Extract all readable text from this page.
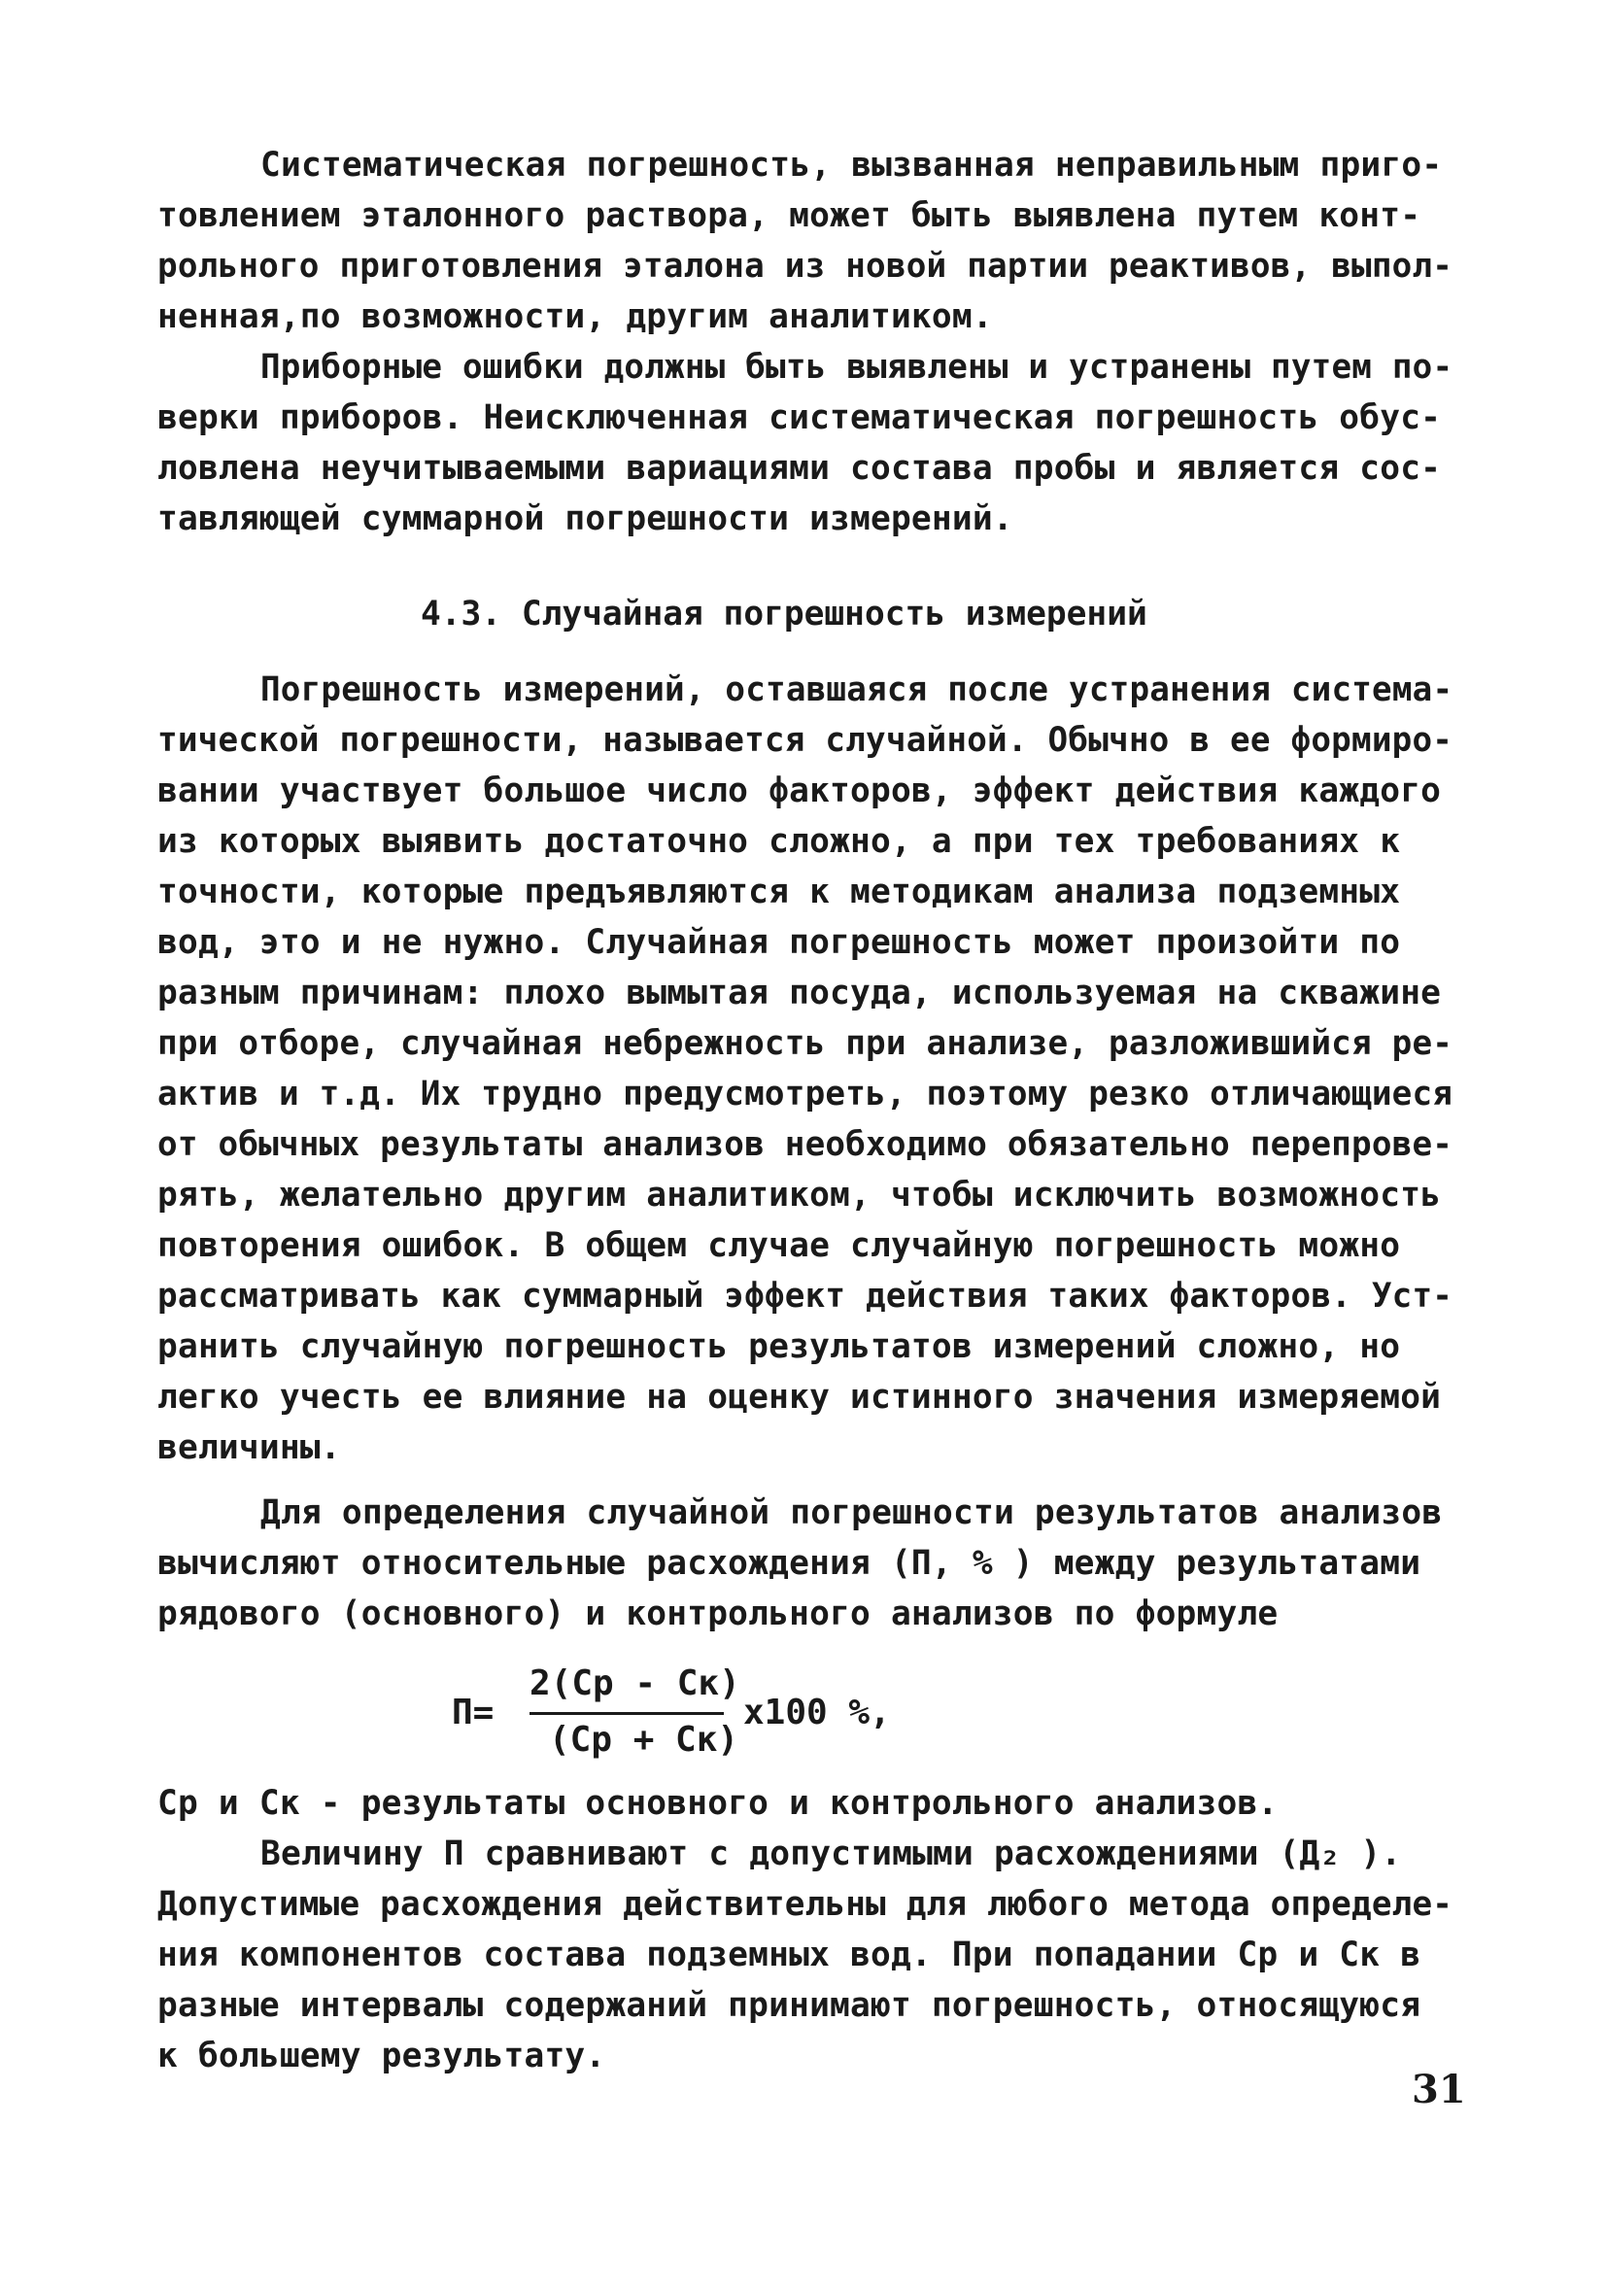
Систематическая погрешность, вызванная неправильным приго-
товлением эталонного раствора, может быть выявлена путем конт-
рольного приготовления эталона из новой партии реактивов, выпол-
ненная,по возможности, другим аналитиком.
Приборные ошибки должны быть выявлены и устранены путем по-
верки приборов. Неисключенная систематическая погрешность обус-
ловлена неучитываемыми вариациями состава пробы и является сос-
тавляющей суммарной погрешности измерений.
4.3. Случайная погрешность измерений
Погрешность измерений, оставшаяся после устранения система-
тической погрешности, называется случайной. Обычно в ее формиро-
вании участвует большое число факторов, эффект действия каждого
из которых выявить достаточно сложно, а при тех требованиях к
точности, которые предъявляются к методикам анализа подземных
вод, это и не нужно. Случайная погрешность может произойти по
разным причинам: плохо вымытая посуда, используемая на скважине
при отборе, случайная небрежность при анализе, разложившийся ре-
актив и т.д. Их трудно предусмотреть, поэтому резко отличающиеся
от обычных результаты анализов необходимо обязательно перепрове-
рять, желательно другим аналитиком, чтобы исключить возможность
повторения ошибок. В общем случае случайную погрешность можно
рассматривать как суммарный эффект действия таких факторов. Уст-
ранить случайную погрешность результатов измерений сложно, но
легко учесть ее влияние на оценку истинного значения измеряемой
величины.
Для определения случайной погрешности результатов анализов
вычисляют относительные расхождения (П, % ) между результатами
рядового (основного) и контрольного анализов по формуле
П=
2(Ср - Ск)
(Ср + Ск)
х100 %,
Ср и Ск - результаты основного и контрольного анализов.
Величину П сравнивают с допустимыми расхождениями (Д₂ ).
Допустимые расхождения действительны для любого метода определе-
ния компонентов состава подземных вод. При попадании Ср и Ск в
разные интервалы содержаний принимают погрешность, относящуюся
к большему результату.
31
